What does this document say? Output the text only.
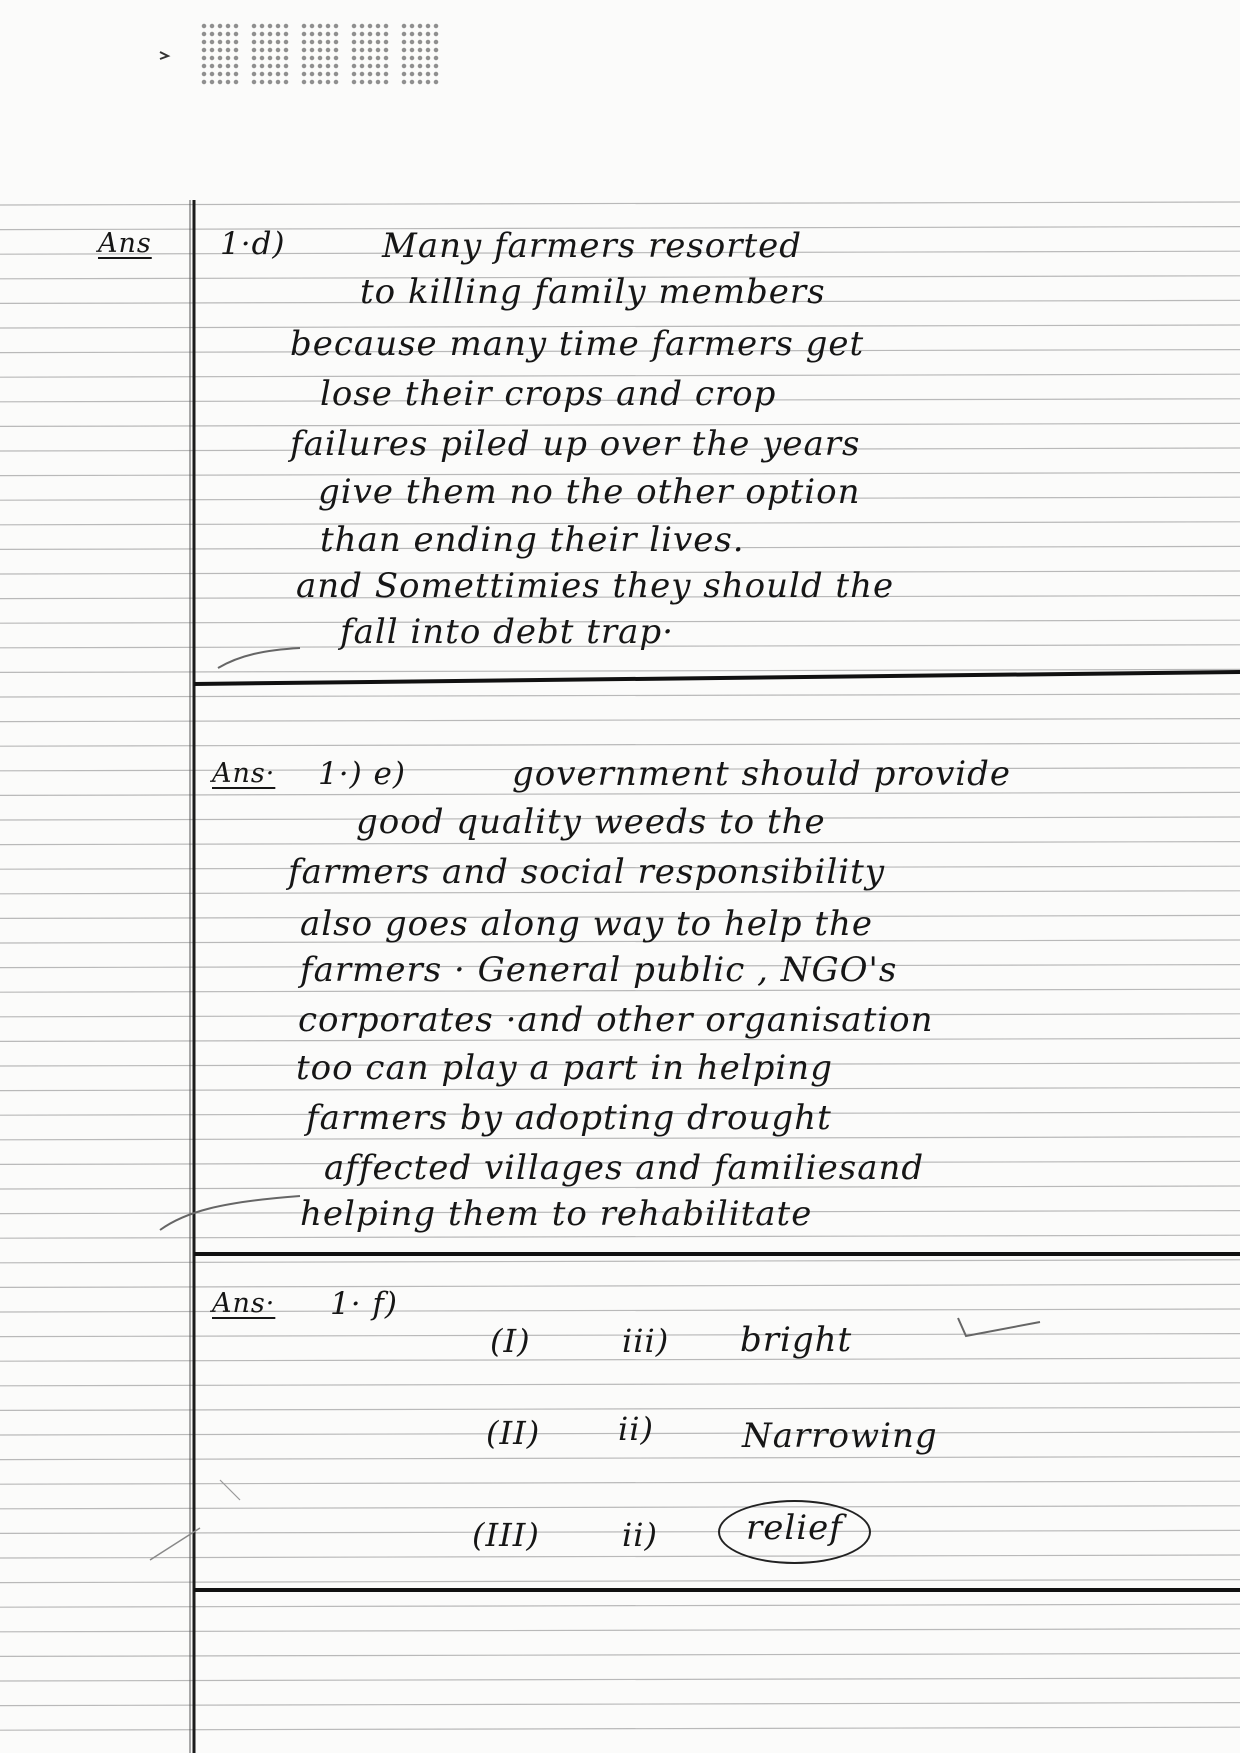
Ans 1·d)	Many farmers resorted

to killing family members

because many time farmers get

lose their crops and crop

failures piled up over the years

give them no the other option

than ending their lives.

and Somettimies they should the

fall into debt trap·

Ans· 1·) e)	government should provide

good quality weeds to the

farmers and social responsibility

also goes along way to help the

farmers · General public , NGO's

corporates ·and other organisation

too can play a part in helping

farmers by adopting drought

affected villages and familiesand

helping them to rehabilitate

Ans· 1· f)

(I)	iii) bright

(II) ii)	Narrowing

(III)	ii)	relief
